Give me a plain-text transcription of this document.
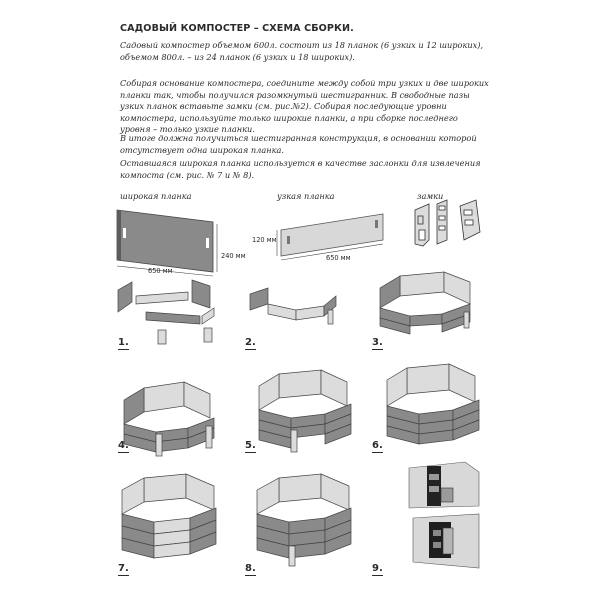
САДОВЫЙ КОМПОСТЕР – СХЕМА СБОРКИ.

Садовый компостер объемом 600л. состоит из 18 планок (6 узких и 12 широких), объемом 800л. – из 24 планок (6 узких и 18 широких).

Собирая основание компостера, соедините между собой три узких и две широких планки так, чтобы получился разомкнутый шестигранник. В свободные пазы узких планок вставьте замки (см. рис.№2). Собирая последующие уровни компостера, используйте только широкие планки, а при сборке последнего уровня – только узкие планки.

В итоге должна получиться шестигранная конструкция, в основании которой отсутствует одна широкая планка.

Оставшаяся широкая планка используется в качестве заслонки для извлечения компоста (см. рис. № 7 и № 8).

широкая планка	узкая планка	замки
650 мм
240 мм
120 мм
650 мм
1.	2.	3.
4.	5.	6.
7.	8.	9.
